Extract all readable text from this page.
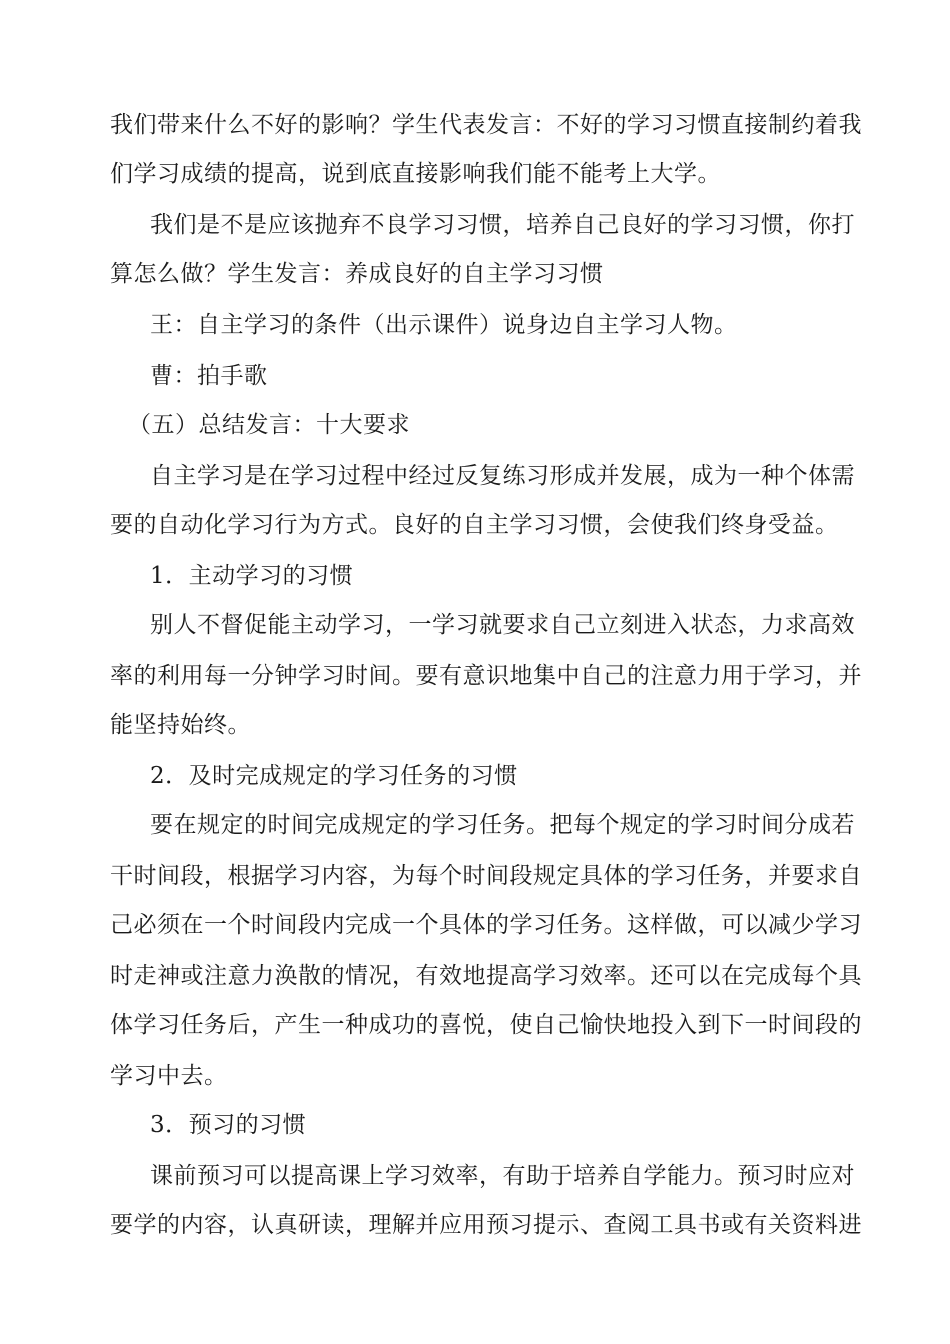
我们带来什么不好的影响？学生代表发言：不好的学习习惯直接制约着我
们学习成绩的提高，说到底直接影响我们能不能考上大学。
我们是不是应该抛弃不良学习习惯，培养自己良好的学习习惯，你打
算怎么做？学生发言：养成良好的自主学习习惯
王：自主学习的条件（出示课件）说身边自主学习人物。
曹：拍手歌
（五）总结发言：十大要求
自主学习是在学习过程中经过反复练习形成并发展，成为一种个体需
要的自动化学习行为方式。良好的自主学习习惯，会使我们终身受益。
1．主动学习的习惯
别人不督促能主动学习，一学习就要求自己立刻进入状态，力求高效
率的利用每一分钟学习时间。要有意识地集中自己的注意力用于学习，并
能坚持始终。
2．及时完成规定的学习任务的习惯
要在规定的时间完成规定的学习任务。把每个规定的学习时间分成若
干时间段，根据学习内容，为每个时间段规定具体的学习任务，并要求自
己必须在一个时间段内完成一个具体的学习任务。这样做，可以减少学习
时走神或注意力涣散的情况，有效地提高学习效率。还可以在完成每个具
体学习任务后，产生一种成功的喜悦，使自己愉快地投入到下一时间段的
学习中去。
3．预习的习惯
课前预习可以提高课上学习效率，有助于培养自学能力。预习时应对
要学的内容，认真研读，理解并应用预习提示、查阅工具书或有关资料进
